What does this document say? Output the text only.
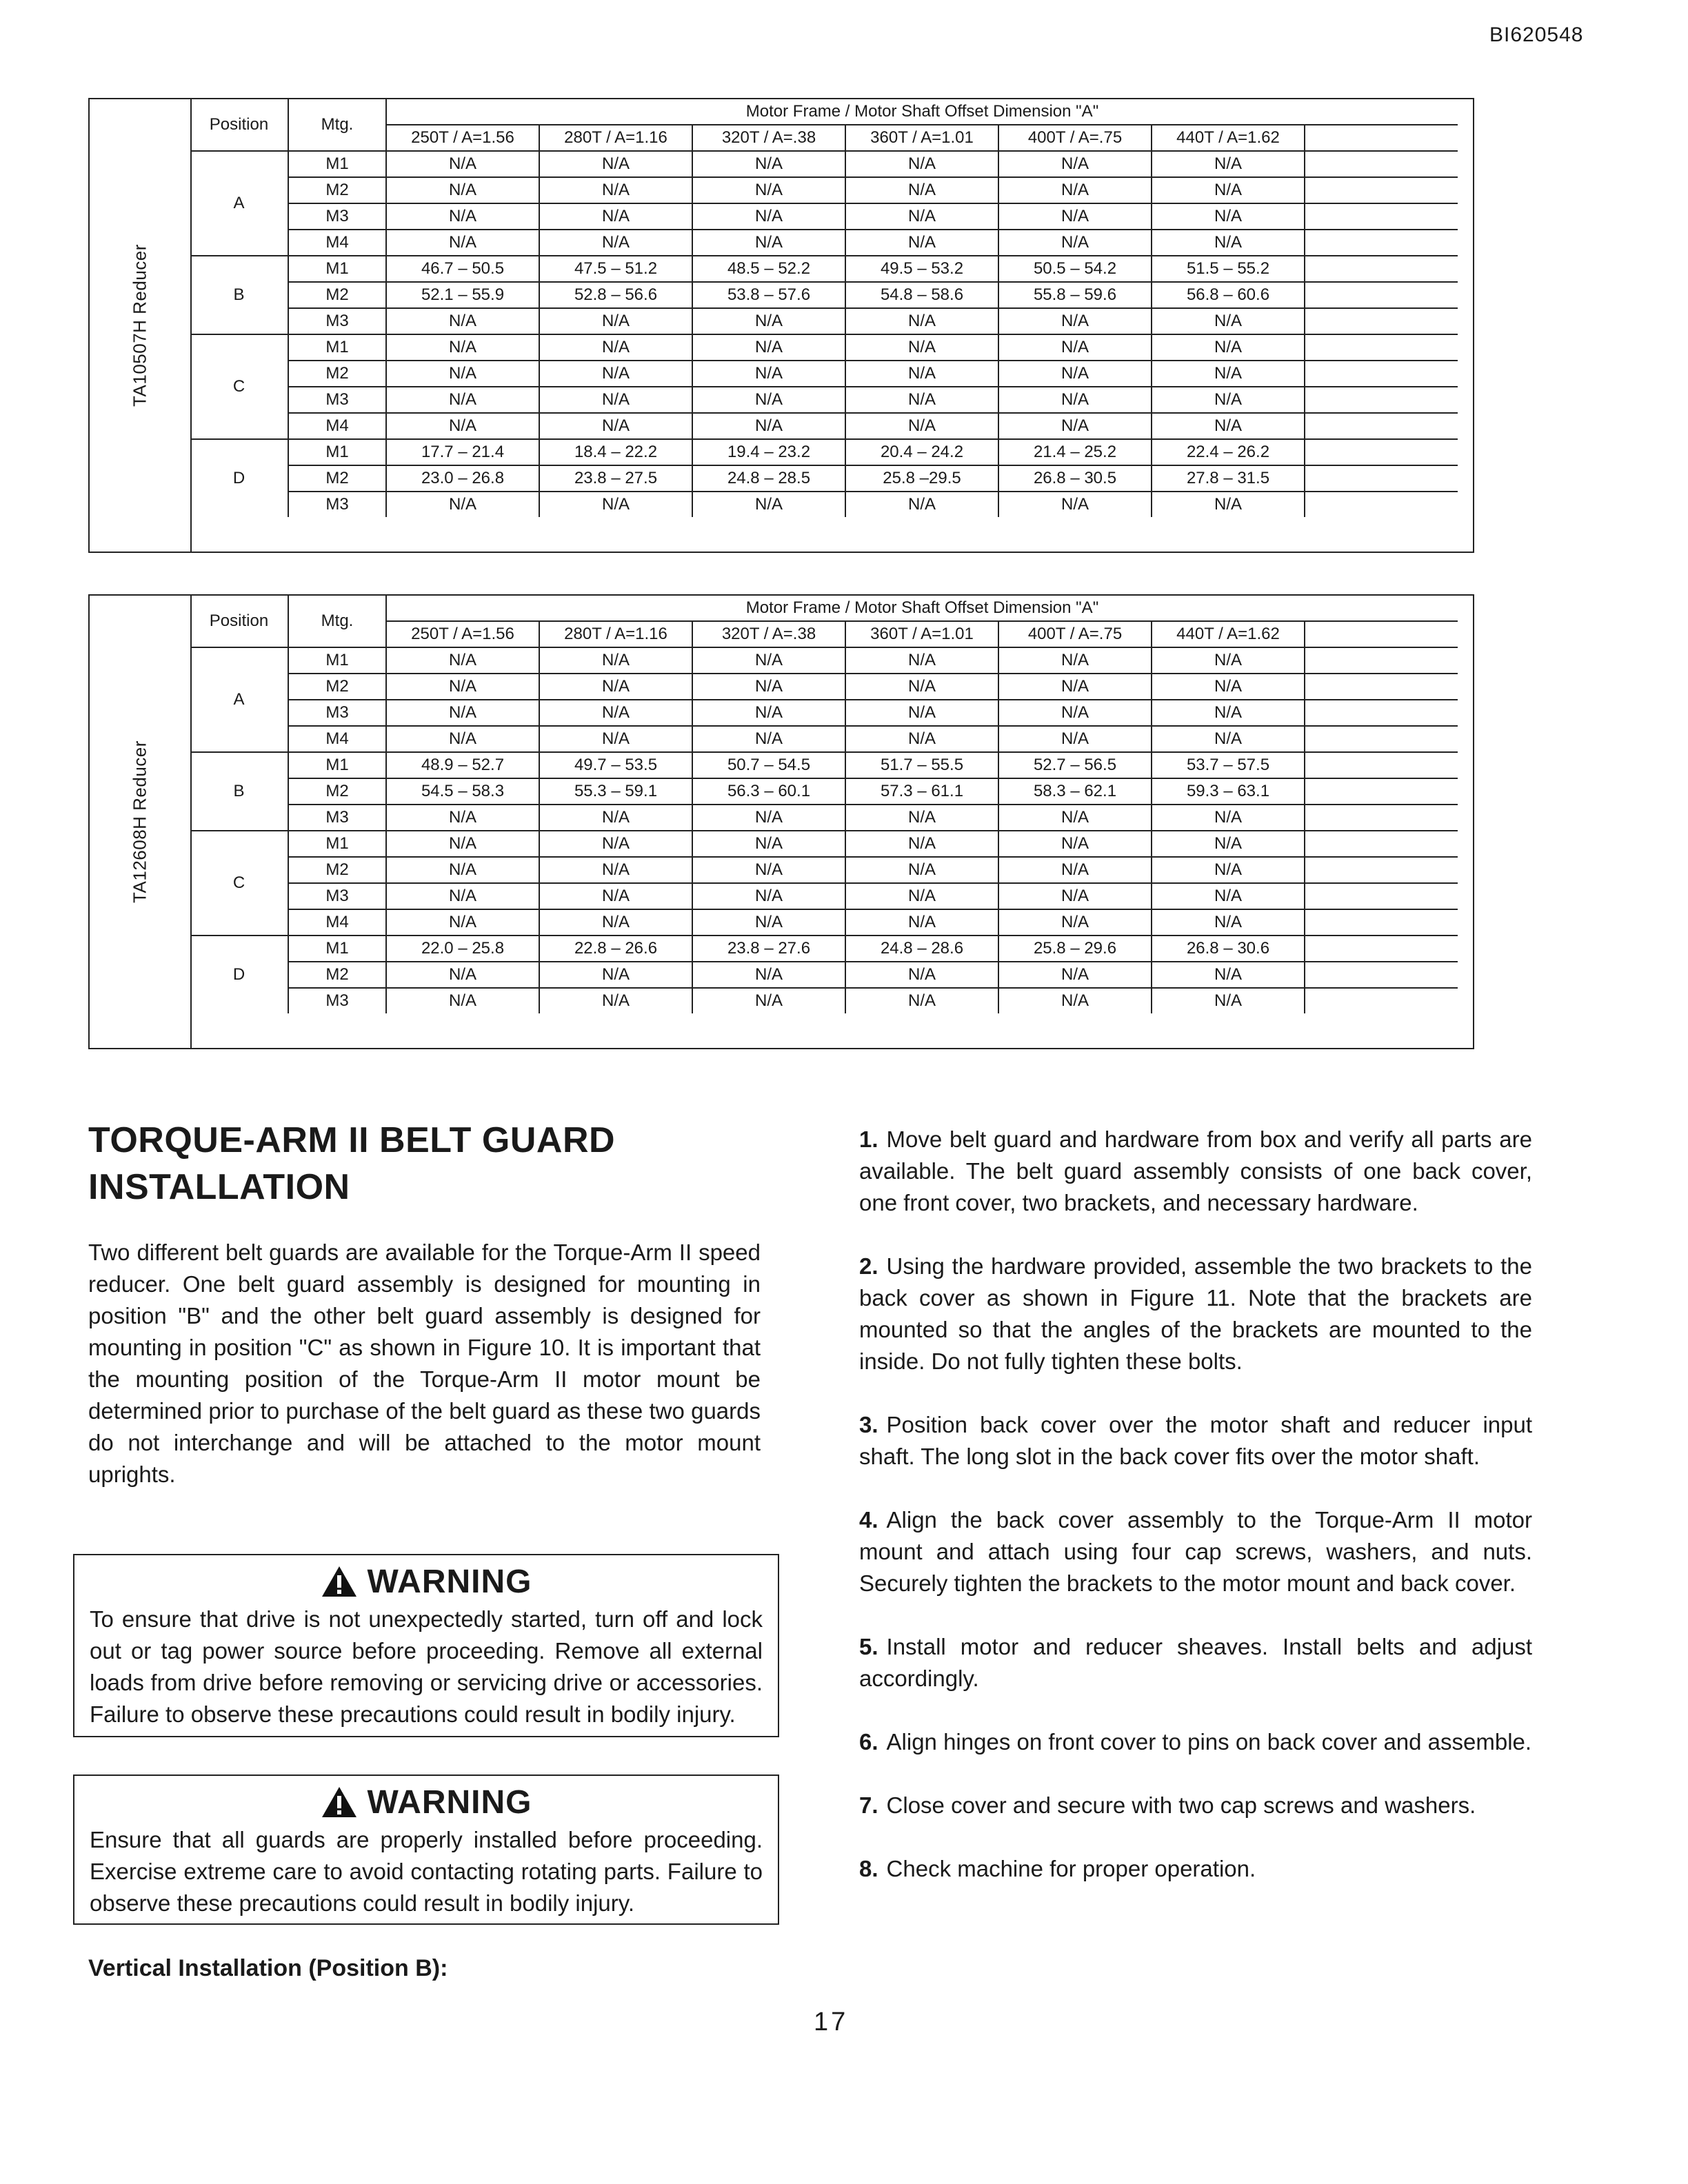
BI620548
TA10507H Reducer
Position	Mtg.	Motor Frame / Motor Shaft Offset Dimension "A"						
		250T / A=1.56	280T / A=1.16	320T / A=.38	360T / A=1.01	400T / A=.75	440T / A=1.62	
A	M1	N/A	N/A	N/A	N/A	N/A	N/A	
	M2	N/A	N/A	N/A	N/A	N/A	N/A	
	M3	N/A	N/A	N/A	N/A	N/A	N/A	
	M4	N/A	N/A	N/A	N/A	N/A	N/A	
B	M1	46.7 – 50.5	47.5 – 51.2	48.5 – 52.2	49.5 – 53.2	50.5 – 54.2	51.5 – 55.2	
	M2	52.1 – 55.9	52.8 – 56.6	53.8 – 57.6	54.8 – 58.6	55.8 – 59.6	56.8 – 60.6	
	M3	N/A	N/A	N/A	N/A	N/A	N/A	
C	M1	N/A	N/A	N/A	N/A	N/A	N/A	
	M2	N/A	N/A	N/A	N/A	N/A	N/A	
	M3	N/A	N/A	N/A	N/A	N/A	N/A	
	M4	N/A	N/A	N/A	N/A	N/A	N/A	
D	M1	17.7 – 21.4	18.4 – 22.2	19.4 – 23.2	20.4 – 24.2	21.4 – 25.2	22.4 – 26.2	
	M2	23.0 – 26.8	23.8 – 27.5	24.8 – 28.5	25.8 –29.5	26.8 – 30.5	27.8 – 31.5	
	M3	N/A	N/A	N/A	N/A	N/A	N/A	
TA12608H Reducer
Position	Mtg.	Motor Frame / Motor Shaft Offset Dimension "A"						
		250T / A=1.56	280T / A=1.16	320T / A=.38	360T / A=1.01	400T / A=.75	440T / A=1.62	
A	M1	N/A	N/A	N/A	N/A	N/A	N/A	
	M2	N/A	N/A	N/A	N/A	N/A	N/A	
	M3	N/A	N/A	N/A	N/A	N/A	N/A	
	M4	N/A	N/A	N/A	N/A	N/A	N/A	
B	M1	48.9 – 52.7	49.7 – 53.5	50.7 – 54.5	51.7 – 55.5	52.7 – 56.5	53.7 – 57.5	
	M2	54.5 – 58.3	55.3 – 59.1	56.3 – 60.1	57.3 – 61.1	58.3 – 62.1	59.3 – 63.1	
	M3	N/A	N/A	N/A	N/A	N/A	N/A	
C	M1	N/A	N/A	N/A	N/A	N/A	N/A	
	M2	N/A	N/A	N/A	N/A	N/A	N/A	
	M3	N/A	N/A	N/A	N/A	N/A	N/A	
	M4	N/A	N/A	N/A	N/A	N/A	N/A	
D	M1	22.0 – 25.8	22.8 – 26.6	23.8 – 27.6	24.8 – 28.6	25.8 – 29.6	26.8 – 30.6	
	M2	N/A	N/A	N/A	N/A	N/A	N/A	
	M3	N/A	N/A	N/A	N/A	N/A	N/A	
TORQUE-ARM II BELT GUARD
INSTALLATION

Two different belt guards are available for the Torque-Arm II speed reducer. One belt guard assembly is designed for mounting in position "B" and the other belt guard assembly is designed for mounting in position "C" as shown in Figure 10. It is important that the mounting position of the Torque-Arm II motor mount be determined prior to purchase of the belt guard as these two guards do not interchange and will be attached to the motor mount uprights.

WARNING
To ensure that drive is not unexpectedly started, turn off and lock out or tag power source before proceeding. Remove all external loads from drive before removing or servicing drive or accessories. Failure to observe these precautions could result in bodily injury.
WARNING
Ensure that all guards are properly installed before proceeding. Exercise extreme care to avoid contacting rotating parts. Failure to observe these precautions could result in bodily injury.
Vertical Installation (Position B):

1. Move belt guard and hardware from box and verify all parts are available. The belt guard assembly consists of one back cover, one front cover, two brackets, and necessary hardware.

2. Using the hardware provided, assemble the two brackets to the back cover as shown in Figure 11. Note that the brackets are mounted so that the angles of the brackets are mounted to the inside. Do not fully tighten these bolts.

3. Position back cover over the motor shaft and reducer input shaft. The long slot in the back cover fits over the motor shaft.

4. Align the back cover assembly to the Torque-Arm II motor mount and attach using four cap screws, washers, and nuts. Securely tighten the brackets to the motor mount and back cover.

5. Install motor and reducer sheaves. Install belts and adjust accordingly.

6. Align hinges on front cover to pins on back cover and assemble.

7. Close cover and secure with two cap screws and washers.

8. Check machine for proper operation.

17
